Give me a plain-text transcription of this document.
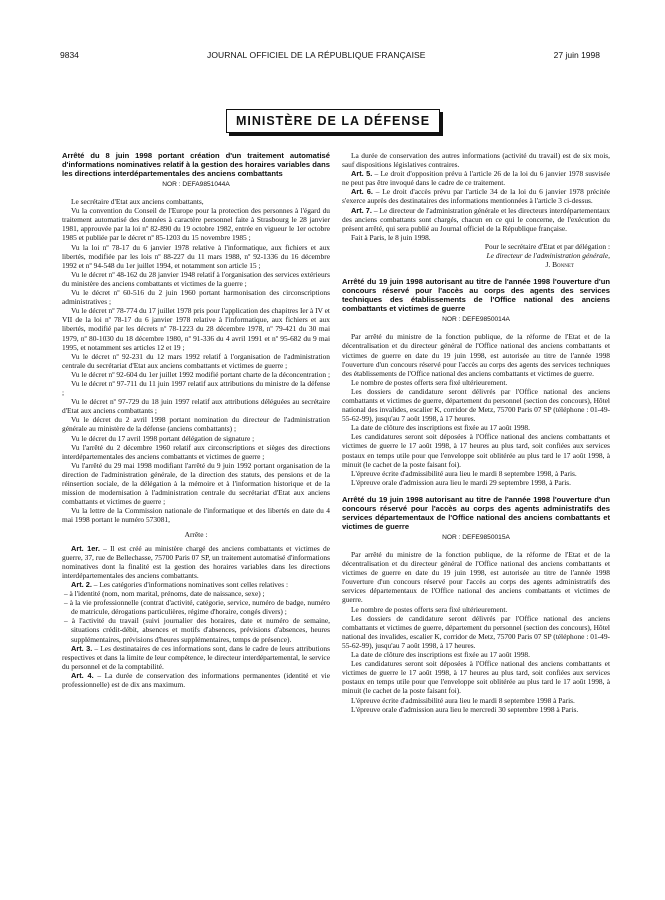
9834	JOURNAL OFFICIEL DE LA RÉPUBLIQUE FRANÇAISE	27 juin 1998
MINISTÈRE DE LA DÉFENSE

Arrêté du 8 juin 1998 portant création d'un traitement automatisé d'informations nominatives relatif à la gestion des horaires variables dans les directions interdépartementales des anciens combattants

NOR : DEFA9851044A

Le secrétaire d'Etat aux anciens combattants,

Vu la convention du Conseil de l'Europe pour la protection des personnes à l'égard du traitement automatisé des données à caractère personnel faite à Strasbourg le 28 janvier 1981, approuvée par la loi nº 82-890 du 19 octobre 1982, entrée en vigueur le 1er octobre 1985 et publiée par le décret nº 85-1203 du 15 novembre 1985 ;

Vu la loi nº 78-17 du 6 janvier 1978 relative à l'informatique, aux fichiers et aux libertés, modifiée par les lois nº 88-227 du 11 mars 1988, nº 92-1336 du 16 décembre 1992 et nº 94-548 du 1er juillet 1994, et notamment son article 15 ;

Vu le décret nº 48-162 du 28 janvier 1948 relatif à l'organisation des services extérieurs du ministère des anciens combattants et victimes de la guerre ;

Vu le décret nº 60-516 du 2 juin 1960 portant harmonisation des circonscriptions administratives ;

Vu le décret nº 78-774 du 17 juillet 1978 pris pour l'application des chapitres Ier à IV et VII de la loi nº 78-17 du 6 janvier 1978 relative à l'informatique, aux fichiers et aux libertés, modifié par les décrets nº 78-1223 du 28 décembre 1978, nº 79-421 du 30 mai 1979, nº 80-1030 du 18 décembre 1980, nº 91-336 du 4 avril 1991 et nº 95-682 du 9 mai 1995, et notamment ses articles 12 et 19 ;

Vu le décret nº 92-231 du 12 mars 1992 relatif à l'organisation de l'administration centrale du secrétariat d'Etat aux anciens combattants et victimes de guerre ;

Vu le décret nº 92-604 du 1er juillet 1992 modifié portant charte de la déconcentration ;

Vu le décret nº 97-711 du 11 juin 1997 relatif aux attributions du ministre de la défense ;

Vu le décret nº 97-729 du 18 juin 1997 relatif aux attributions déléguées au secrétaire d'Etat aux anciens combattants ;

Vu le décret du 2 avril 1998 portant nomination du directeur de l'administration générale au ministère de la défense (anciens combattants) ;

Vu le décret du 17 avril 1998 portant délégation de signature ;

Vu l'arrêté du 2 décembre 1960 relatif aux circonscriptions et sièges des directions interdépartementales des anciens combattants et victimes de guerre ;

Vu l'arrêté du 29 mai 1998 modifiant l'arrêté du 9 juin 1992 portant organisation de la direction de l'administration générale, de la direction des statuts, des pensions et de la réinsertion sociale, de la délégation à la mémoire et à l'information historique et de la mission de modernisation à l'administration centrale du secrétariat d'Etat aux anciens combattants et victimes de guerre ;

Vu la lettre de la Commission nationale de l'informatique et des libertés en date du 4 mai 1998 portant le numéro 573081,

Arrête :

Art. 1er. – Il est créé au ministère chargé des anciens combattants et victimes de guerre, 37, rue de Bellechasse, 75700 Paris 07 SP, un traitement automatisé d'informations nominatives dont la finalité est la gestion des horaires variables dans les directions interdépartementales des anciens combattants.

Art. 2. – Les catégories d'informations nominatives sont celles relatives :

– à l'identité (nom, nom marital, prénoms, date de naissance, sexe) ;

– à la vie professionnelle (contrat d'activité, catégorie, service, numéro de badge, numéro de matricule, dérogations particulières, régime d'horaire, congés divers) ;

– à l'activité du travail (suivi journalier des horaires, date et numéro de semaine, situations crédit-débit, absences et motifs d'absences, prévisions d'absences, heures supplémentaires, prévisions d'heures supplémentaires, temps de présence).

Art. 3. – Les destinataires de ces informations sont, dans le cadre de leurs attributions respectives et dans la limite de leur compétence, le directeur interdépartemental, le service du personnel et de la comptabilité.

Art. 4. – La durée de conservation des informations permanentes (identité et vie professionnelle) est de dix ans maximum.

La durée de conservation des autres informations (activité du travail) est de six mois, sauf dispositions législatives contraires.

Art. 5. – Le droit d'opposition prévu à l'article 26 de la loi du 6 janvier 1978 susvisée ne peut pas être invoqué dans le cadre de ce traitement.

Art. 6. – Le droit d'accès prévu par l'article 34 de la loi du 6 janvier 1978 précitée s'exerce auprès des destinataires des informations mentionnées à l'article 3 ci-dessus.

Art. 7. – Le directeur de l'administration générale et les directeurs interdépartementaux des anciens combattants sont chargés, chacun en ce qui le concerne, de l'exécution du présent arrêté, qui sera publié au Journal officiel de la République française.

Fait à Paris, le 8 juin 1998.

Pour le secrétaire d'Etat et par délégation :

Le directeur de l'administration générale,

J. Bonnet

Arrêté du 19 juin 1998 autorisant au titre de l'année 1998 l'ouverture d'un concours réservé pour l'accès au corps des agents des services techniques des établissements de l'Office national des anciens combattants et victimes de guerre

NOR : DEFE9850014A

Par arrêté du ministre de la fonction publique, de la réforme de l'Etat et de la décentralisation et du directeur général de l'Office national des anciens combattants et victimes de guerre en date du 19 juin 1998, est autorisée au titre de l'année 1998 l'ouverture d'un concours réservé pour l'accès au corps des agents des services techniques des établissements de l'Office national des anciens combattants et victimes de guerre.

Le nombre de postes offerts sera fixé ultérieurement.

Les dossiers de candidature seront délivrés par l'Office national des anciens combattants et victimes de guerre, département du personnel (section des concours), Hôtel national des invalides, escalier K, corridor de Metz, 75700 Paris 07 SP (téléphone : 01-49-55-62-99), jusqu'au 7 août 1998, à 17 heures.

La date de clôture des inscriptions est fixée au 17 août 1998.

Les candidatures seront soit déposées à l'Office national des anciens combattants et victimes de guerre le 17 août 1998, à 17 heures au plus tard, soit confiées aux services postaux en temps utile pour que l'enveloppe soit oblitérée au plus tard le 17 août 1998, à minuit (le cachet de la poste faisant foi).

L'épreuve écrite d'admissibilité aura lieu le mardi 8 septembre 1998, à Paris.

L'épreuve orale d'admission aura lieu le mardi 29 septembre 1998, à Paris.

Arrêté du 19 juin 1998 autorisant au titre de l'année 1998 l'ouverture d'un concours réservé pour l'accès au corps des agents administratifs des services départementaux de l'Office national des anciens combattants et victimes de guerre

NOR : DEFE9850015A

Par arrêté du ministre de la fonction publique, de la réforme de l'Etat et de la décentralisation et du directeur général de l'Office national des anciens combattants et victimes de guerre en date du 19 juin 1998, est autorisée au titre de l'année 1998 l'ouverture d'un concours réservé pour l'accès au corps des agents administratifs des services départementaux de l'Office national des anciens combattants et victimes de guerre.

Le nombre de postes offerts sera fixé ultérieurement.

Les dossiers de candidature seront délivrés par l'Office national des anciens combattants et victimes de guerre, département du personnel (section des concours), Hôtel national des invalides, escalier K, corridor de Metz, 75700 Paris 07 SP (téléphone : 01-49-55-62-99), jusqu'au 7 août 1998, à 17 heures.

La date de clôture des inscriptions est fixée au 17 août 1998.

Les candidatures seront soit déposées à l'Office national des anciens combattants et victimes de guerre le 17 août 1998, à 17 heures au plus tard, soit confiées aux services postaux en temps utile pour que l'enveloppe soit oblitérée au plus tard le 17 août 1998, à minuit (le cachet de la poste faisant foi).

L'épreuve écrite d'admissibilité aura lieu le mardi 8 septembre 1998 à Paris.

L'épreuve orale d'admission aura lieu le mercredi 30 septembre 1998 à Paris.
